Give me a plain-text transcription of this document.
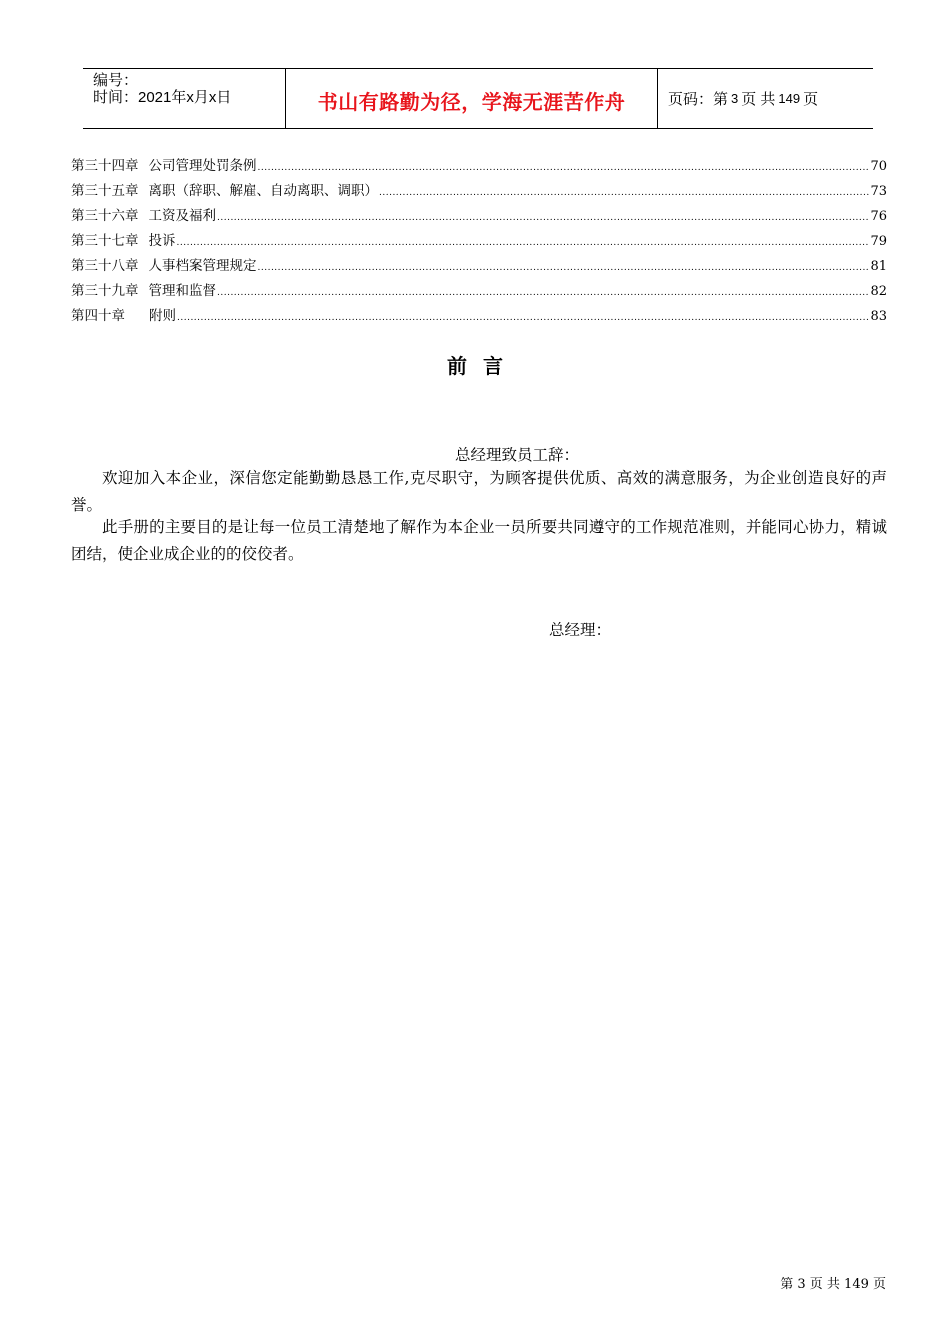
编号：
时间：2021年x月x日	书山有路勤为径，学海无涯苦作舟	页码：第 3 页 共 149 页
第三十四章 公司管理处罚条例 .....	70
第三十五章 离职（辞职、解雇、自动离职、调职） .....	73
第三十六章 工资及福利 .....	76
第三十七章 投诉 .....	79
第三十八章 人事档案管理规定 .....	81
第三十九章 管理和监督 .....	82
第四十章 附则 .....	83
前言
总经理致员工辞：
欢迎加入本企业，深信您定能勤勤恳恳工作,克尽职守，为顾客提供优质、高效的满意服务，为企业创造良好的声誉。
此手册的主要目的是让每一位员工清楚地了解作为本企业一员所要共同遵守的工作规范准则，并能同心协力，精诚团结，使企业成企业的的佼佼者。
总经理：
第 3 页 共 149 页
